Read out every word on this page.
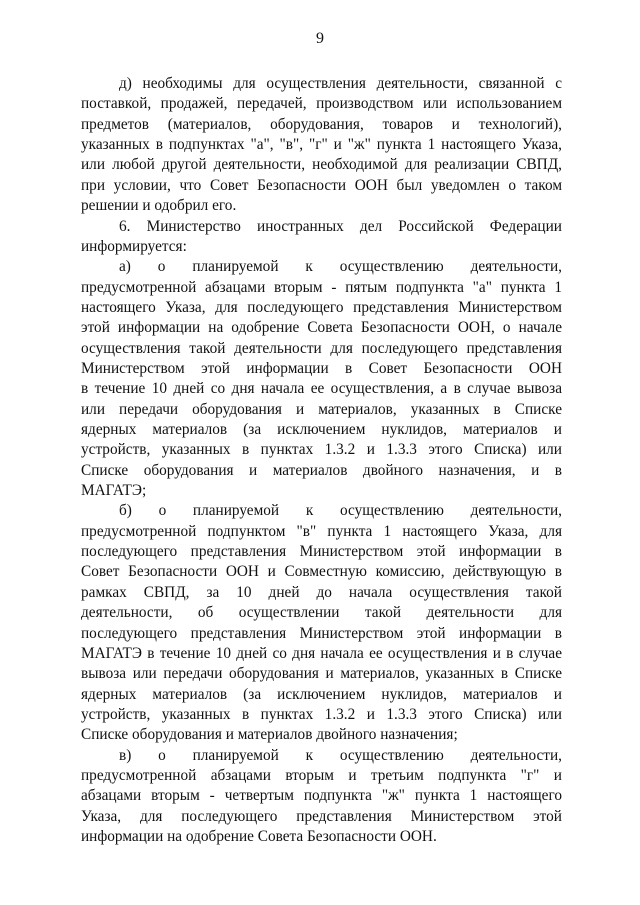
9
д) необходимы для осуществления деятельности, связанной с
поставкой, продажей, передачей, производством или использованием
предметов (материалов, оборудования, товаров и технологий),
указанных в подпунктах "а", "в", "г" и "ж" пункта 1 настоящего Указа,
или любой другой деятельности, необходимой для реализации СВПД,
при условии, что Совет Безопасности ООН был уведомлен о таком
решении и одобрил его.
6. Министерство иностранных дел Российской Федерации
информируется:
а) о планируемой к осуществлению деятельности,
предусмотренной абзацами вторым - пятым подпункта "а" пункта 1
настоящего Указа, для последующего представления Министерством
этой информации на одобрение Совета Безопасности ООН, о начале
осуществления такой деятельности для последующего представления
Министерством этой информации в Совет Безопасности ООН
в течение 10 дней со дня начала ее осуществления, а в случае вывоза
или передачи оборудования и материалов, указанных в Списке
ядерных материалов (за исключением нуклидов, материалов и
устройств, указанных в пунктах 1.3.2 и 1.3.3 этого Списка) или
Списке оборудования и материалов двойного назначения, и в
МАГАТЭ;
б) о планируемой к осуществлению деятельности,
предусмотренной подпунктом "в" пункта 1 настоящего Указа, для
последующего представления Министерством этой информации в
Совет Безопасности ООН и Совместную комиссию, действующую в
рамках СВПД, за 10 дней до начала осуществления такой
деятельности, об осуществлении такой деятельности для
последующего представления Министерством этой информации в
МАГАТЭ в течение 10 дней со дня начала ее осуществления и в случае
вывоза или передачи оборудования и материалов, указанных в Списке
ядерных материалов (за исключением нуклидов, материалов и
устройств, указанных в пунктах 1.3.2 и 1.3.3 этого Списка) или
Списке оборудования и материалов двойного назначения;
в) о планируемой к осуществлению деятельности,
предусмотренной абзацами вторым и третьим подпункта "г" и
абзацами вторым - четвертым подпункта "ж" пункта 1 настоящего
Указа, для последующего представления Министерством этой
информации на одобрение Совета Безопасности ООН.
